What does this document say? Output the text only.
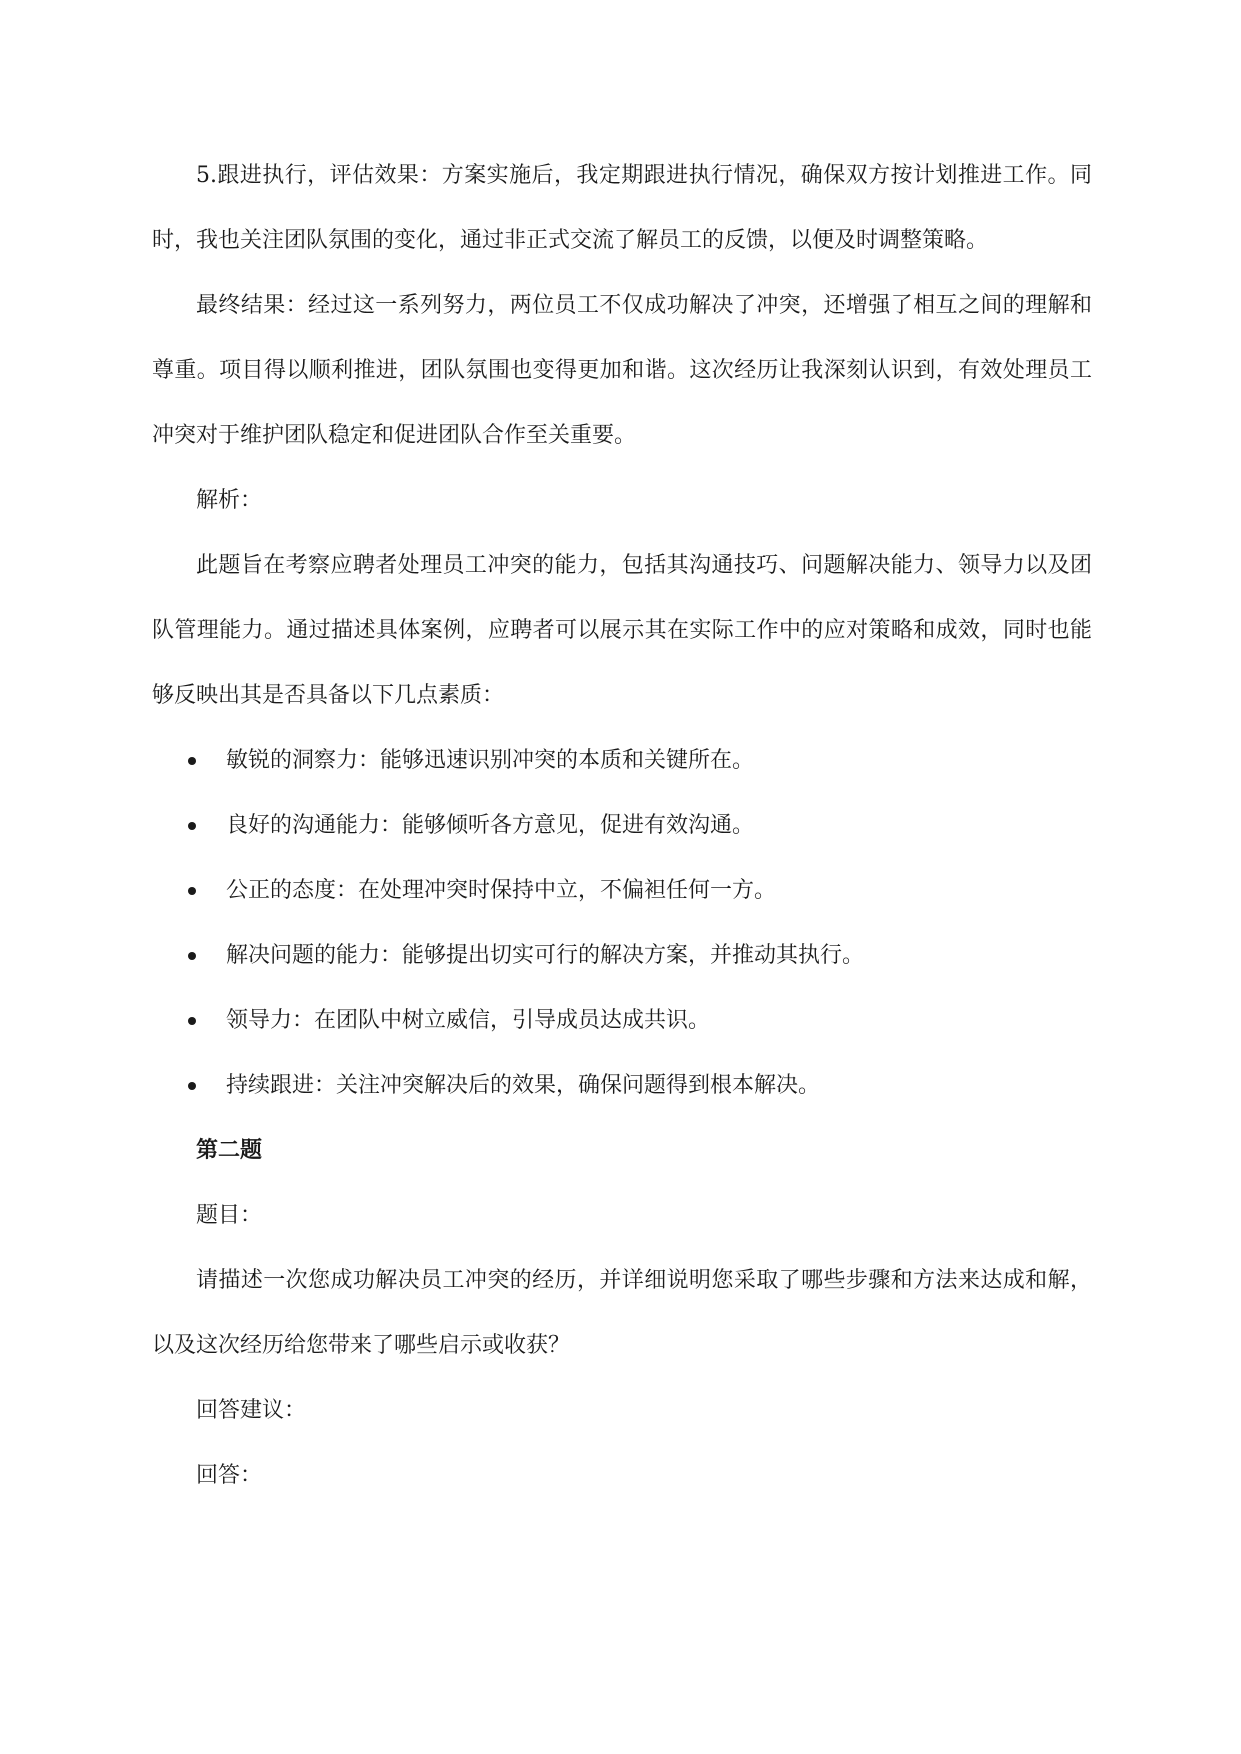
5.跟进执行，评估效果：方案实施后，我定期跟进执行情况，确保双方按计划推进工作。同时，我也关注团队氛围的变化，通过非正式交流了解员工的反馈，以便及时调整策略。

最终结果：经过这一系列努力，两位员工不仅成功解决了冲突，还增强了相互之间的理解和尊重。项目得以顺利推进，团队氛围也变得更加和谐。这次经历让我深刻认识到，有效处理员工冲突对于维护团队稳定和促进团队合作至关重要。

解析：

此题旨在考察应聘者处理员工冲突的能力，包括其沟通技巧、问题解决能力、领导力以及团队管理能力。通过描述具体案例，应聘者可以展示其在实际工作中的应对策略和成效，同时也能够反映出其是否具备以下几点素质：

敏锐的洞察力：能够迅速识别冲突的本质和关键所在。
良好的沟通能力：能够倾听各方意见，促进有效沟通。
公正的态度：在处理冲突时保持中立，不偏袒任何一方。
解决问题的能力：能够提出切实可行的解决方案，并推动其执行。
领导力：在团队中树立威信，引导成员达成共识。
持续跟进：关注冲突解决后的效果，确保问题得到根本解决。

第二题

题目：

请描述一次您成功解决员工冲突的经历，并详细说明您采取了哪些步骤和方法来达成和解，以及这次经历给您带来了哪些启示或收获？

回答建议：

回答：
